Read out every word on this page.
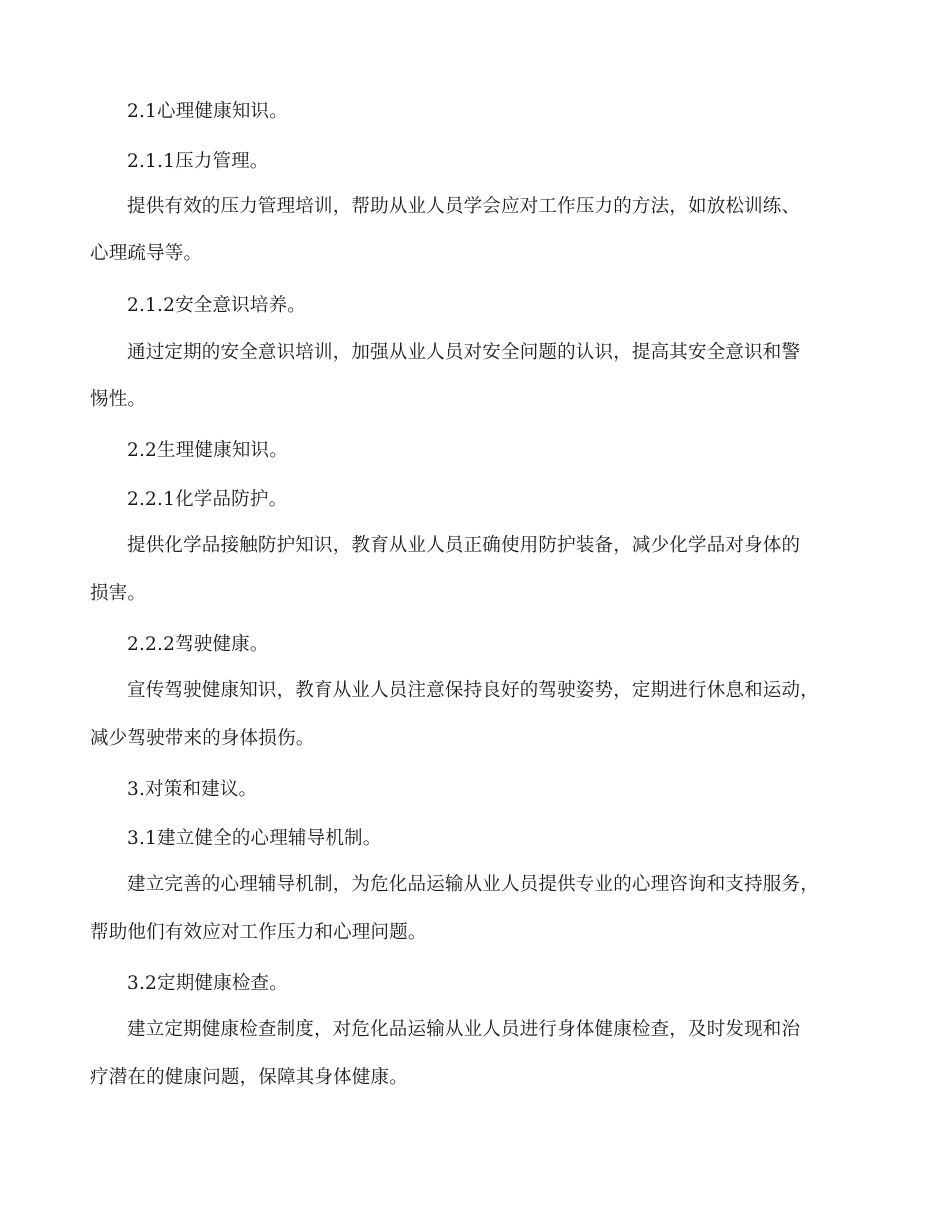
2.1心理健康知识。
2.1.1压力管理。
提供有效的压力管理培训，帮助从业人员学会应对工作压力的方法，如放松训练、
心理疏导等。
2.1.2安全意识培养。
通过定期的安全意识培训，加强从业人员对安全问题的认识，提高其安全意识和警
惕性。
2.2生理健康知识。
2.2.1化学品防护。
提供化学品接触防护知识，教育从业人员正确使用防护装备，减少化学品对身体的
损害。
2.2.2驾驶健康。
宣传驾驶健康知识，教育从业人员注意保持良好的驾驶姿势，定期进行休息和运动，
减少驾驶带来的身体损伤。
3.对策和建议。
3.1建立健全的心理辅导机制。
建立完善的心理辅导机制，为危化品运输从业人员提供专业的心理咨询和支持服务，
帮助他们有效应对工作压力和心理问题。
3.2定期健康检查。
建立定期健康检查制度，对危化品运输从业人员进行身体健康检查，及时发现和治
疗潜在的健康问题，保障其身体健康。
